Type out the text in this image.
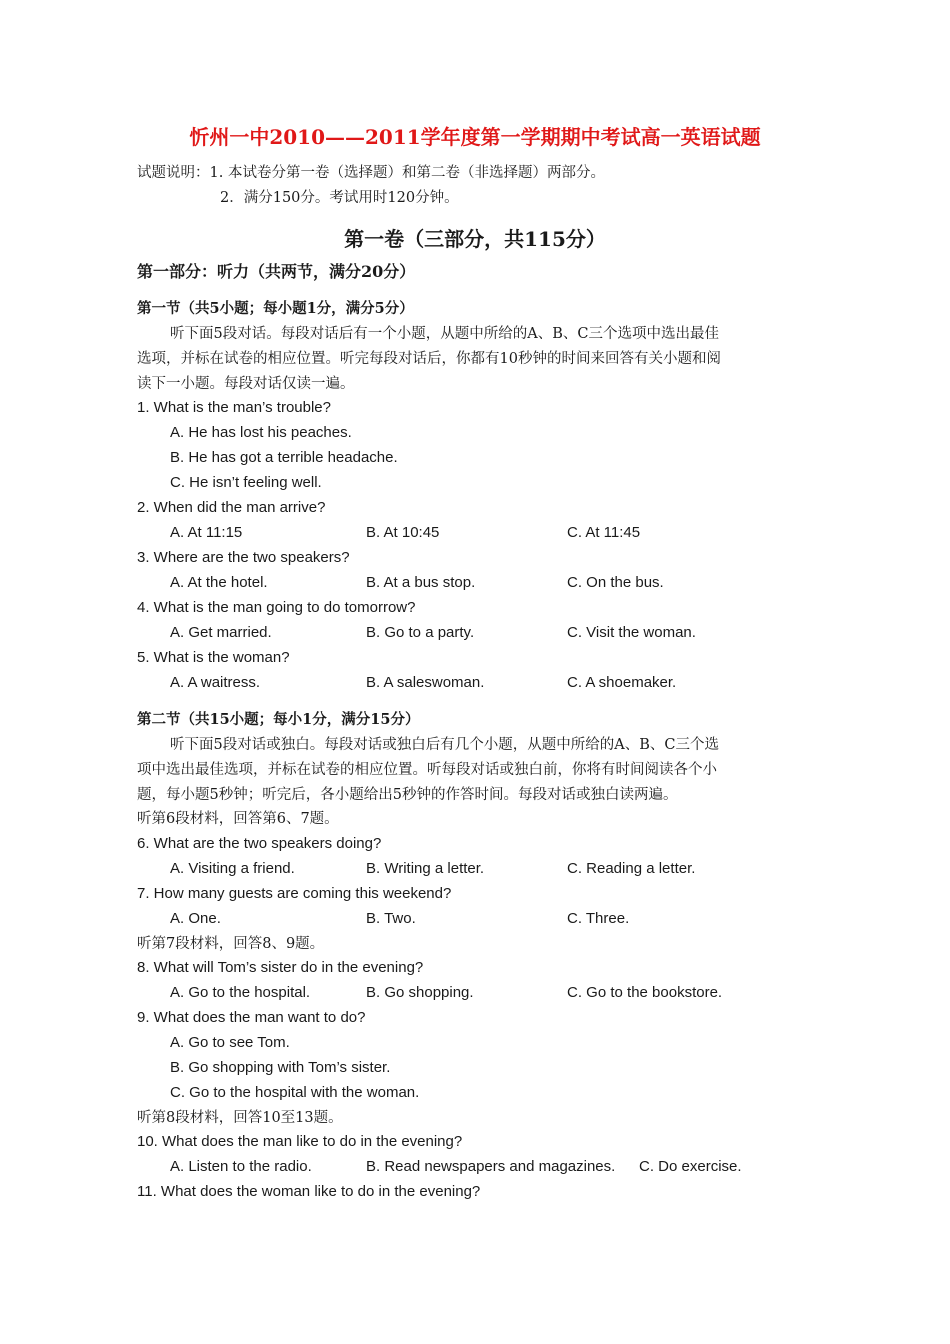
忻州一中2010——2011学年度第一学期期中考试高一英语试题
试题说明：1. 本试卷分第一卷（选择题）和第二卷（非选择题）两部分。
2．满分150分。考试用时120分钟。
第一卷（三部分，共115分）
第一部分：听力（共两节，满分20分）
第一节（共5小题；每小题1分，满分5分）
听下面5段对话。每段对话后有一个小题，从题中所给的A、B、C三个选项中选出最佳
选项，并标在试卷的相应位置。听完每段对话后，你都有10秒钟的时间来回答有关小题和阅
读下一小题。每段对话仅读一遍。
1. What is the man’s trouble?
A. He has lost his peaches.
B. He has got a terrible headache.
C. He isn’t feeling well.
2. When did the man arrive?
A. At 11:15	B. At 10:45	C. At 11:45
3. Where are the two speakers?
A. At the hotel.	B. At a bus stop.	C. On the bus.
4. What is the man going to do tomorrow?
A. Get married.	B. Go to a party.	C. Visit the woman.
5. What is the woman?
A. A waitress.	B. A saleswoman.	C. A shoemaker.
第二节（共15小题；每小1分，满分15分）
听下面5段对话或独白。每段对话或独白后有几个小题，从题中所给的A、B、C三个选
项中选出最佳选项，并标在试卷的相应位置。听每段对话或独白前，你将有时间阅读各个小
题，每小题5秒钟；听完后，各小题给出5秒钟的作答时间。每段对话或独白读两遍。
听第6段材料，回答第6、7题。
6. What are the two speakers doing?
A. Visiting a friend.	B. Writing a letter.	C. Reading a letter.
7. How many guests are coming this weekend?
A. One.	B. Two.	C. Three.
听第7段材料，回答8、9题。
8. What will Tom’s sister do in the evening?
A. Go to the hospital.	B. Go shopping.	C. Go to the bookstore.
9. What does the man want to do?
A. Go to see Tom.
B. Go shopping with Tom’s sister.
C. Go to the hospital with the woman.
听第8段材料，回答10至13题。
10. What does the man like to do in the evening?
A. Listen to the radio.	B. Read newspapers and magazines. C. Do exercise.
11. What does the woman like to do in the evening?
